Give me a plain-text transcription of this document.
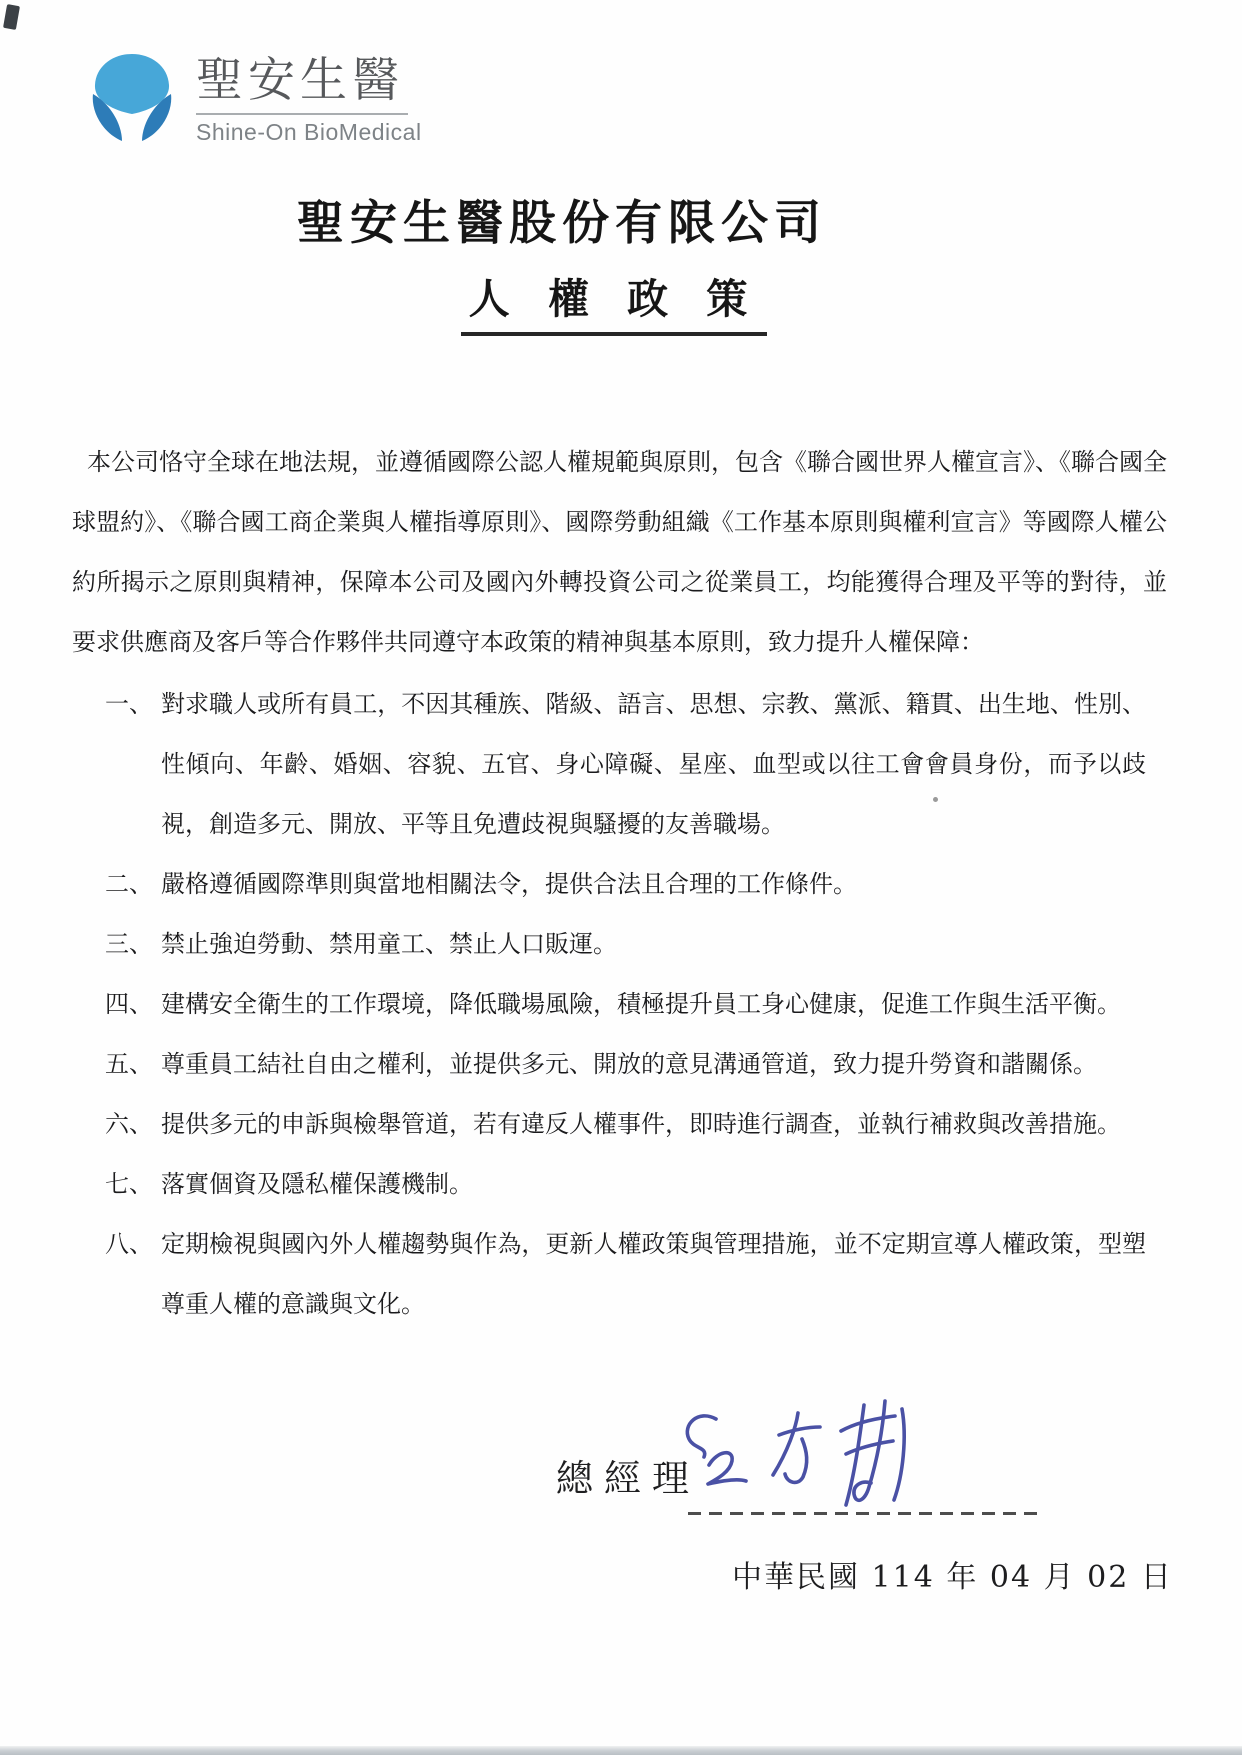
聖安生醫
Shine-On BioMedical
聖安生醫股份有限公司
人 權 政 策

本公司恪守全球在地法規，並遵循國際公認人權規範與原則，包含《聯合國世界人權宣言》、《聯合國全球盟約》、《聯合國工商企業與人權指導原則》、國際勞動組織《工作基本原則與權利宣言》等國際人權公約所揭示之原則與精神，保障本公司及國內外轉投資公司之從業員工，均能獲得合理及平等的對待，並要求供應商及客戶等合作夥伴共同遵守本政策的精神與基本原則，致力提升人權保障：

一、 對求職人或所有員工，不因其種族、階級、語言、思想、宗教、黨派、籍貫、出生地、性別、性傾向、年齡、婚姻、容貌、五官、身心障礙、星座、血型或以往工會會員身份，而予以歧視，創造多元、開放、平等且免遭歧視與騷擾的友善職場。
二、 嚴格遵循國際準則與當地相關法令，提供合法且合理的工作條件。
三、 禁止強迫勞動、禁用童工、禁止人口販運。
四、 建構安全衛生的工作環境，降低職場風險，積極提升員工身心健康，促進工作與生活平衡。
五、 尊重員工結社自由之權利，並提供多元、開放的意見溝通管道，致力提升勞資和諧關係。
六、 提供多元的申訴與檢舉管道，若有違反人權事件，即時進行調查，並執行補救與改善措施。
七、 落實個資及隱私權保護機制。
八、 定期檢視與國內外人權趨勢與作為，更新人權政策與管理措施，並不定期宣導人權政策，型塑尊重人權的意識與文化。
總經理
中華民國 114 年 04 月 02 日
